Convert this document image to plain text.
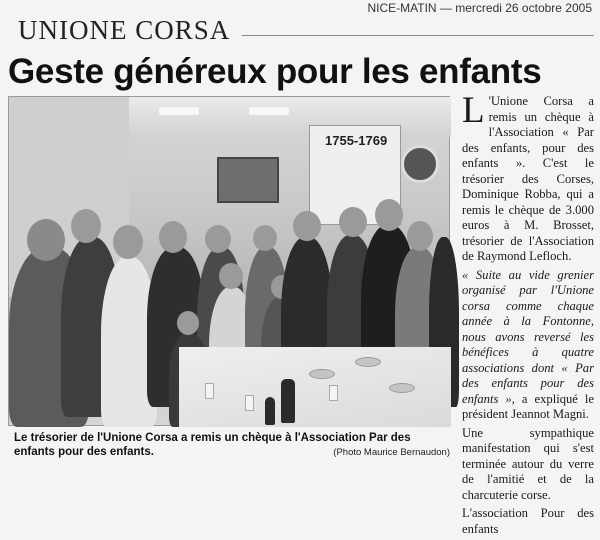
NICE-MATIN — mercredi 26 octobre 2005
UNIONE CORSA
Geste généreux pour les enfants
1755-1769
Le trésorier de l'Unione Corsa a remis un chèque à l'Association Par des enfants pour des enfants.	(Photo Maurice Bernaudon)

L 'Unione Corsa a remis un chèque à l'Association « Par des enfants, pour des enfants ». C'est le trésorier des Corses, Dominique Robba, qui a remis le chèque de 3.000 euros à M. Brosset, trésorier de l'Association de Raymond Lefloch.

« Suite au vide grenier organisé par l'Unione corsa comme chaque année à la Fontonne, nous avons reversé les bénéfices à quatre associations dont « Par des enfants pour des enfants », a expliqué le président Jeannot Magni.

Une sympathique manifestation qui s'est terminée autour du verre de l'amitié et de la charcuterie corse.

L'association Pour des enfants
